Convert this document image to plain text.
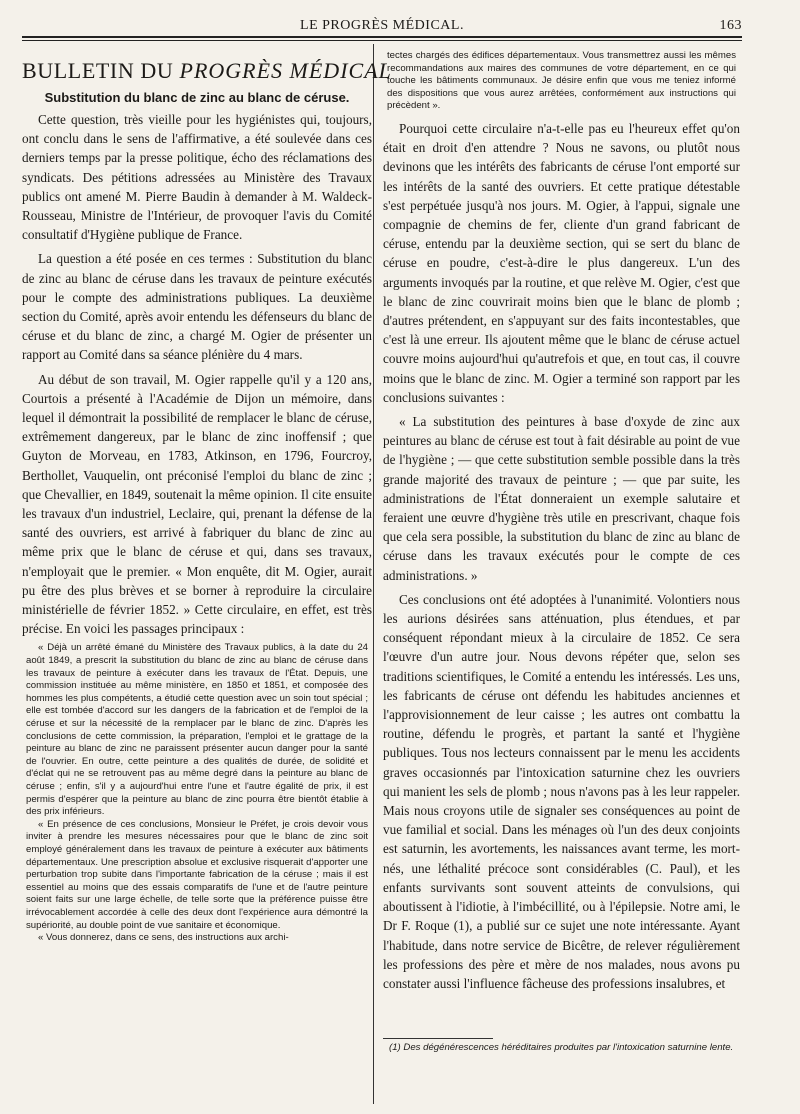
LE PROGRÈS MÉDICAL.	163
BULLETIN DU PROGRÈS MÉDICAL
Substitution du blanc de zinc au blanc de céruse.

Cette question, très vieille pour les hygiénistes qui, toujours, ont conclu dans le sens de l'affirmative, a été soulevée dans ces derniers temps par la presse politique, écho des réclamations des syndicats. Des pétitions adressées au Ministère des Travaux publics ont amené M. Pierre Baudin à demander à M. Waldeck-Rousseau, Ministre de l'Intérieur, de provoquer l'avis du Comité consultatif d'Hygiène publique de France.

La question a été posée en ces termes : Substitution du blanc de zinc au blanc de céruse dans les travaux de peinture exécutés pour le compte des administrations publiques. La deuxième section du Comité, après avoir entendu les défenseurs du blanc de céruse et du blanc de zinc, a chargé M. Ogier de présenter un rapport au Comité dans sa séance plénière du 4 mars.

Au début de son travail, M. Ogier rappelle qu'il y a 120 ans, Courtois a présenté à l'Académie de Dijon un mémoire, dans lequel il démontrait la possibilité de remplacer le blanc de céruse, extrêmement dangereux, par le blanc de zinc inoffensif ; que Guyton de Morveau, en 1783, Atkinson, en 1796, Fourcroy, Berthollet, Vauquelin, ont préconisé l'emploi du blanc de zinc ; que Chevallier, en 1849, soutenait la même opinion. Il cite ensuite les travaux d'un industriel, Leclaire, qui, prenant la défense de la santé des ouvriers, est arrivé à fabriquer du blanc de zinc au même prix que le blanc de céruse et qui, dans ses travaux, n'employait que le premier. « Mon enquête, dit M. Ogier, aurait pu être des plus brèves et se borner à reproduire la circulaire ministérielle de février 1852. » Cette circulaire, en effet, est très précise. En voici les passages principaux :

« Déjà un arrêté émané du Ministère des Travaux publics, à la date du 24 août 1849, a prescrit la substitution du blanc de zinc au blanc de céruse dans les travaux de peinture à exécuter dans les travaux de l'État. Depuis, une commission instituée au même ministère, en 1850 et 1851, et composée des hommes les plus compétents, a étudié cette question avec un soin tout spécial ; elle est tombée d'accord sur les dangers de la fabrication et de l'emploi de la céruse et sur la nécessité de la remplacer par le blanc de zinc. D'après les conclusions de cette commission, la préparation, l'emploi et le grattage de la peinture au blanc de zinc ne paraissent présenter aucun danger pour la santé de l'ouvrier. En outre, cette peinture a des qualités de durée, de solidité et d'éclat qui ne se retrouvent pas au même degré dans la peinture au blanc de céruse ; enfin, s'il y a aujourd'hui entre l'une et l'autre égalité de prix, il est permis d'espérer que la peinture au blanc de zinc pourra être bientôt établie à des prix inférieurs.

« En présence de ces conclusions, Monsieur le Préfet, je crois devoir vous inviter à prendre les mesures nécessaires pour que le blanc de zinc soit employé généralement dans les travaux de peinture à exécuter aux bâtiments départementaux. Une prescription absolue et exclusive risquerait d'apporter une perturbation trop subite dans l'importante fabrication de la céruse ; mais il est essentiel au moins que des essais comparatifs de l'une et de l'autre peinture soient faits sur une large échelle, de telle sorte que la préférence puisse être irrévocablement accordée à celle des deux dont l'expérience aura démontré la supériorité, au double point de vue sanitaire et économique.

« Vous donnerez, dans ce sens, des instructions aux archi-

tectes chargés des édifices départementaux. Vous transmettrez aussi les mêmes recommandations aux maires des communes de votre département, en ce qui touche les bâtiments communaux. Je désire enfin que vous me teniez informé des dispositions que vous aurez arrêtées, conformément aux instructions qui précèdent ».

Pourquoi cette circulaire n'a-t-elle pas eu l'heureux effet qu'on était en droit d'en attendre ? Nous ne savons, ou plutôt nous devinons que les intérêts des fabricants de céruse l'ont emporté sur les intérêts de la santé des ouvriers. Et cette pratique détestable s'est perpétuée jusqu'à nos jours. M. Ogier, à l'appui, signale une compagnie de chemins de fer, cliente d'un grand fabricant de céruse, entendu par la deuxième section, qui se sert du blanc de céruse en poudre, c'est-à-dire le plus dangereux. L'un des arguments invoqués par la routine, et que relève M. Ogier, c'est que le blanc de zinc couvrirait moins bien que le blanc de plomb ; d'autres prétendent, en s'appuyant sur des faits incontestables, que c'est là une erreur. Ils ajoutent même que le blanc de céruse actuel couvre moins aujourd'hui qu'autrefois et que, en tout cas, il couvre moins que le blanc de zinc. M. Ogier a terminé son rapport par les conclusions suivantes :

« La substitution des peintures à base d'oxyde de zinc aux peintures au blanc de céruse est tout à fait désirable au point de vue de l'hygiène ; — que cette substitution semble possible dans la très grande majorité des travaux de peinture ; — que par suite, les administrations de l'État donneraient un exemple salutaire et feraient une œuvre d'hygiène très utile en prescrivant, chaque fois que cela sera possible, la substitution du blanc de zinc au blanc de céruse dans les travaux exécutés pour le compte de ces administrations. »

Ces conclusions ont été adoptées à l'unanimité. Volontiers nous les aurions désirées sans atténuation, plus étendues, et par conséquent répondant mieux à la circulaire de 1852. Ce sera l'œuvre d'un autre jour. Nous devons répéter que, selon ses traditions scientifiques, le Comité a entendu les intéressés. Les uns, les fabricants de céruse ont défendu les habitudes anciennes et l'approvisionnement de leur caisse ; les autres ont combattu la routine, défendu le progrès, et partant la santé et l'hygiène publiques. Tous nos lecteurs connaissent par le menu les accidents graves occasionnés par l'intoxication saturnine chez les ouvriers qui manient les sels de plomb ; nous n'avons pas à les leur rappeler. Mais nous croyons utile de signaler ses conséquences au point de vue familial et social. Dans les ménages où l'un des deux conjoints est saturnin, les avortements, les naissances avant terme, les mort-nés, une léthalité précoce sont considérables (C. Paul), et les enfants survivants sont souvent atteints de convulsions, qui aboutissent à l'idiotie, à l'imbécillité, ou à l'épilepsie. Notre ami, le Dr F. Roque (1), a publié sur ce sujet une note intéressante. Ayant l'habitude, dans notre service de Bicêtre, de relever régulièrement les professions des père et mère de nos malades, nous avons pu constater aussi l'influence fâcheuse des professions insalubres, et

(1) Des dégénérescences héréditaires produites par l'intoxication saturnine lente.
